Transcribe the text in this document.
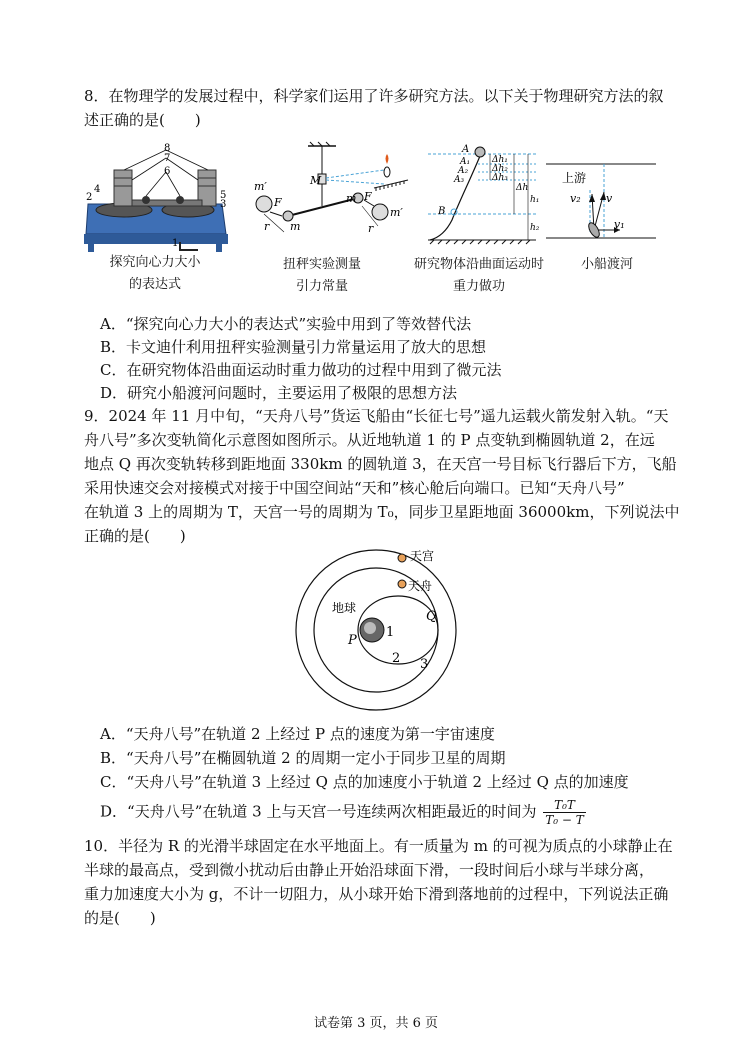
8．在物理学的发展过程中，科学家们运用了许多研究方法。以下关于物理研究方法的叙
述正确的是(　　)
8
7
6
5
4
3
2
1
探究向心力大小
的表达式
m′
F
m
r
M
m F
m′
r
扭秤实验测量
引力常量
A
A₁
A₂
A₃
B
Δh₁
Δh₂
Δh₃
Δh
h₁
h₂
研究物体沿曲面运动时
重力做功
上游
v
v₂
v₁
小船渡河
A．“探究向心力大小的表达式”实验中用到了等效替代法
B．卡文迪什利用扭秤实验测量引力常量运用了放大的思想
C．在研究物体沿曲面运动时重力做功的过程中用到了微元法
D．研究小船渡河问题时，主要运用了极限的思想方法
9．2024 年 11 月中旬，“天舟八号”货运飞船由“长征七号”遥九运载火箭发射入轨。“天
舟八号”多次变轨简化示意图如图所示。从近地轨道 1 的 P 点变轨到椭圆轨道 2，在远
地点 Q 再次变轨转移到距地面 330km 的圆轨道 3，在天宫一号目标飞行器后下方，飞船
采用快速交会对接模式对接于中国空间站“天和”核心舱后向端口。已知“天舟八号”
在轨道 3 上的周期为 T，天宫一号的周期为 T₀，同步卫星距地面 36000km，下列说法中
正确的是(　　)
天宫
天舟
地球
P
Q
1
2 3
A．“天舟八号”在轨道 2 上经过 P 点的速度为第一宇宙速度
B．“天舟八号”在椭圆轨道 2 的周期一定小于同步卫星的周期
C．“天舟八号”在轨道 3 上经过 Q 点的加速度小于轨道 2 上经过 Q 点的加速度
D．“天舟八号”在轨道 3 上与天宫一号连续两次相距最近的时间为 $\frac{\text{T₀T}}{\text{T₀ − T}}$
10．半径为 R 的光滑半球固定在水平地面上。有一质量为 m 的可视为质点的小球静止在
半球的最高点，受到微小扰动后由静止开始沿球面下滑，一段时间后小球与半球分离，
重力加速度大小为 g，不计一切阻力，从小球开始下滑到落地前的过程中，下列说法正确
的是(　　)
试卷第 3 页，共 6 页
